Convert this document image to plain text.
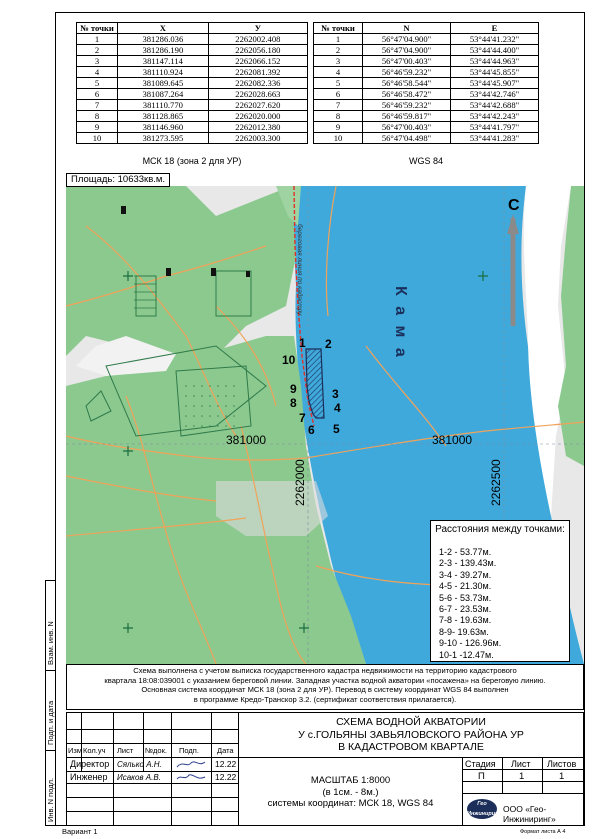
Взам. инв. N
Подп. и дата
Инв. N подл.
№ точки	X	У
1	381286.036	2262002.408
2	381286.190	2262056.180
3	381147.114	2262066.152
4	381110.924	2262081.392
5	381089.645	2262082.336
6	381087.264	2262028.663
7	381110.770	2262027.620
8	381128.865	2262020.000
9	381146.960	2262012.380
10	381273.595	2262003.300
МСК 18 (зона 2 для УР)
№ точки	N	E
1	56°47'04.900"	53°44'41.232"
2	56°47'04.900"	53°44'44.400"
3	56°47'00.403"	53°44'44.963"
4	56°46'59.232"	53°44'45.855"
5	56°46'58.544"	53°44'45.907"
6	56°46'58.472"	53°44'42.746"
7	56°46'59.232"	53°44'42.688"
8	56°46'59.817"	53°44'42.243"
9	56°47'00.403"	53°44'41.797"
10	56°47'04.498"	53°44'41.283"
WGS 84
1 2
3
4
5
6
7
8
9
10
С
К а м а
береговая линия по кадастру
381000	381000
2262000	2262500
Площадь: 10633кв.м.
Расстояния между точками:
1-2 - 53.77м.
2-3 - 139.43м.
3-4 - 39.27м.
4-5 - 21.30м.
5-6 - 53.73м.
6-7 - 23.53м.
7-8 - 19.63м.
8-9- 19.63м.
9-10 - 126.96м.
10-1 -12.47м.
Схема выполнена с учетом выписка государственного кадастра недвижимости на территорию кадастрового
квартала 18:08:039001 с указанием береговой линии. Западная участка водной акватории «посажена» на береговую линию.
Основная система координат МСК 18 (зона 2 для УР). Перевод в систему координат WGS 84 выполнен
в программе Кредо-Транскор 3.2. (сертификат соответствия прилагается).
Изм Кол.уч Лист №док. Подп. Дата
Директор Сялько А.Н.	12.22
Инженер Исаков А.В.	12.22
СХЕМА ВОДНОЙ АКВАТОРИИ
У с.ГОЛЬЯНЫ ЗАВЬЯЛОВСКОГО РАЙОНА УР
В КАДАСТРОВОМ КВАРТАЛЕ
МАСШТАБ 1:8000
(в 1см. - 8м.)
системы координат: МСК 18, WGS 84
Стадия Лист Листов
П	1	1
Гео Инжиниринг ООО «Гео-Инжиниринг»
Вариант 1	Формат листа А 4
